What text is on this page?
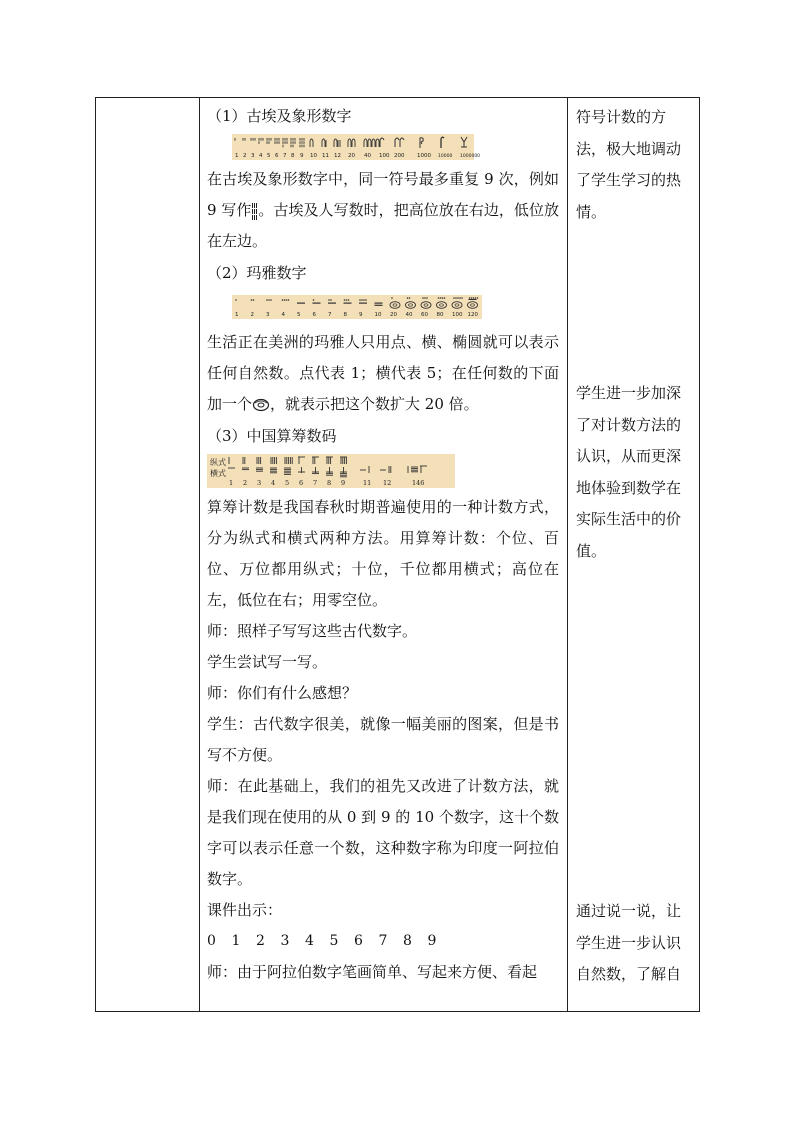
（1）古埃及象形数字

1 2 3 4 5 6 7 8 9 10 11 12 20 40 100 200 1000 10000 1000000

在古埃及象形数字中，同一符号最多重复 9 次，例如 9 写作 。古埃及人写数时，把高位放在右边，低位放在左边。

（2）玛雅数字

1 2 3 4 5 6 7 8 9 10 20 40 60 80 100 120

生活正在美洲的玛雅人只用点、横、椭圆就可以表示任何自然数。点代表 1；横代表 5；在任何数的下面加一个 ，就表示把这个数扩大 20 倍。

（3）中国算筹数码

纵式
横式
1 2 3 4 5 6 7 8 9	11 12	146

算筹计数是我国春秋时期普遍使用的一种计数方式，分为纵式和横式两种方法。用算筹计数：个位、百位、万位都用纵式；十位，千位都用横式；高位在左，低位在右；用零空位。

师：照样子写写这些古代数字。

学生尝试写一写。

师：你们有什么感想？

学生：古代数字很美，就像一幅美丽的图案，但是书写不方便。

师：在此基础上，我们的祖先又改进了计数方法，就是我们现在使用的从 0 到 9 的 10 个数字，这十个数字可以表示任意一个数，这种数字称为印度一阿拉伯数字。

课件出示：

0 1 2 3 4 5 6 7 8 9

师：由于阿拉伯数字笔画简单、写起来方便、看起

符号计数的方法，极大地调动了学生学习的热情。

学生进一步加深了对计数方法的认识，从而更深地体验到数学在实际生活中的价值。

通过说一说，让学生进一步认识自然数，了解自
